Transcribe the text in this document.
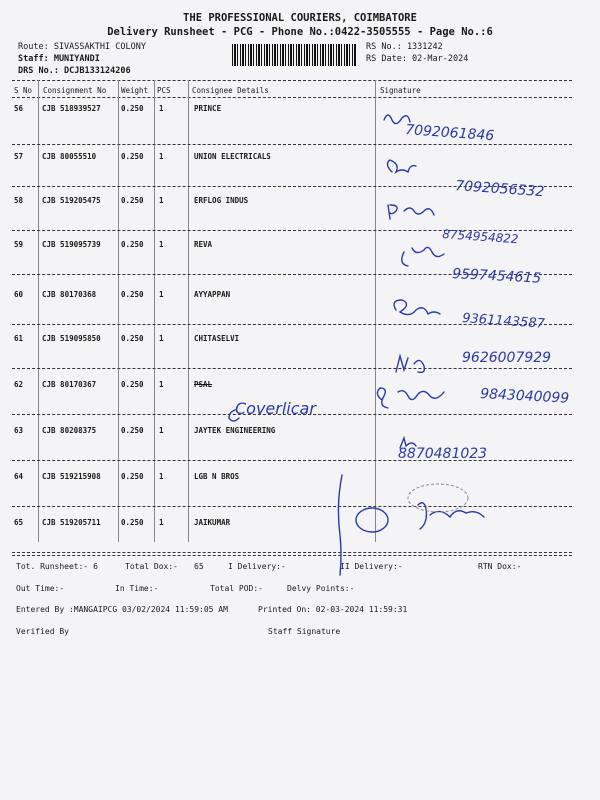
THE PROFESSIONAL COURIERS, COIMBATORE
Delivery Runsheet - PCG - Phone No.:0422-3505555 - Page No.:6
Route: SIVASSAKTHI COLONY
Staff: MUNIYANDI
DRS No.: DCJB133124206
RS No.: 1331242
RS Date: 02-Mar-2024
S No Consignment No Weight PCS	Consignee Details	Signature
56	CJB 518939527	0.250 1	PRINCE
57	CJB 80055510	0.250 1	UNION ELECTRICALS
58	CJB 519205475	0.250 1	ERFLOG INDUS
59	CJB 519095739	0.250 1	REVA
60	CJB 80170368	0.250 1	AYYAPPAN
61	CJB 519095850	0.250 1	CHITASELVI
62	CJB 80170367	0.250 1	PSAL
63	CJB 80208375	0.250 1	JAYTEK ENGINEERING
64	CJB 519215908	0.250 1	LGB N BROS
65	CJB 519205711	0.250 1	JAIKUMAR
Tot. Runsheet:- 6	Total Dox:- 65	I Delivery:-	II Delivery:-	RTN Dox:-
Out Time:-	In Time:-	Total POD:-	Delvy Points:-
Entered By :MANGAIPCG 03/02/2024 11:59:05 AM	Printed On: 02-03-2024 11:59:31
Verified By	Staff Signature
7092061846
7092056532
8754954822
9597454615
9361143587
9626007929
Coverlicar
9843040099
8870481023
